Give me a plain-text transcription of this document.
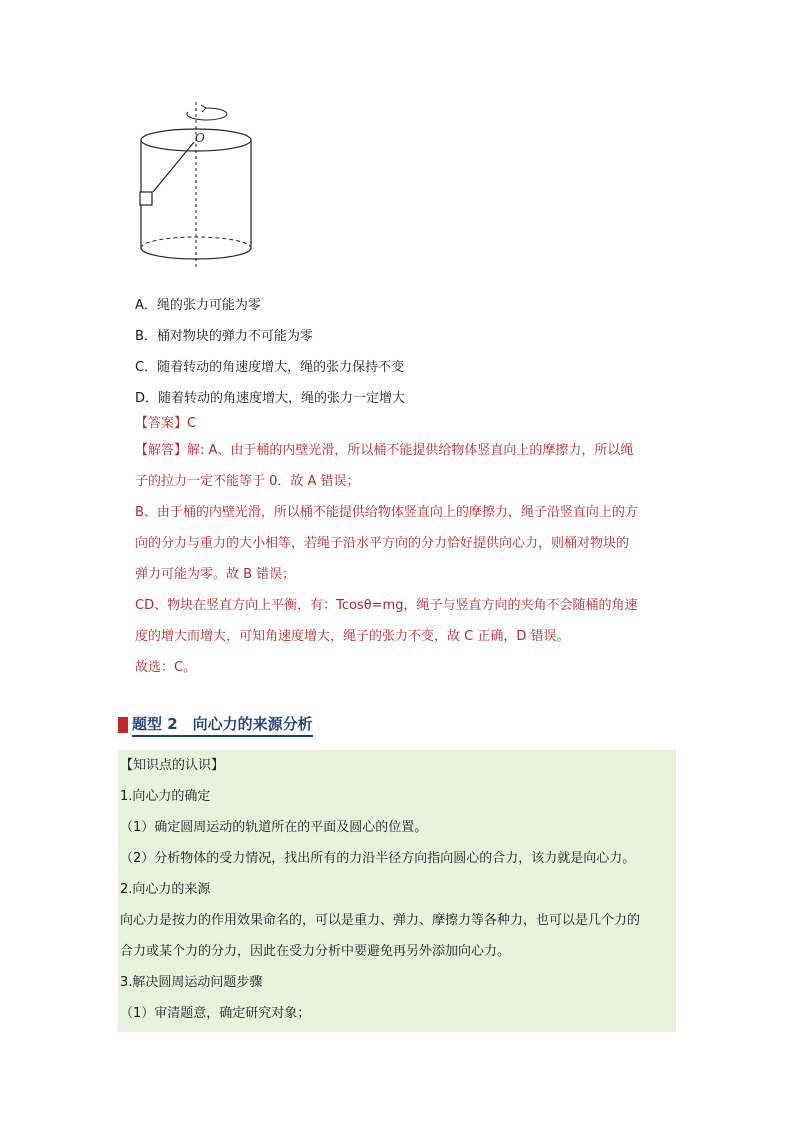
O
A．绳的张力可能为零
B．桶对物块的弹力不可能为零
C．随着转动的角速度增大，绳的张力保持不变
D．随着转动的角速度增大，绳的张力一定增大
【答案】C

【解答】解: A、由于桶的内壁光滑，所以桶不能提供给物体竖直向上的摩擦力，所以绳

子的拉力一定不能等于 0．故 A 错误；

B、由于桶的内壁光滑，所以桶不能提供给物体竖直向上的摩擦力，绳子沿竖直向上的方

向的分力与重力的大小相等，若绳子沿水平方向的分力恰好提供向心力，则桶对物块的

弹力可能为零。故 B 错误；

CD、物块在竖直方向上平衡，有：Tcosθ=mg，绳子与竖直方向的夹角不会随桶的角速

度的增大而增大，可知角速度增大，绳子的张力不变，故 C 正确，D 错误。

故选：C。

题型 2　向心力的来源分析
【知识点的认识】
1.向心力的确定
（1）确定圆周运动的轨道所在的平面及圆心的位置。
（2）分析物体的受力情况，找出所有的力沿半径方向指向圆心的合力，该力就是向心力。
2.向心力的来源
向心力是按力的作用效果命名的，可以是重力、弹力、摩擦力等各种力，也可以是几个力的
合力或某个力的分力，因此在受力分析中要避免再另外添加向心力。
3.解决圆周运动问题步骤
（1）审清题意，确定研究对象；
